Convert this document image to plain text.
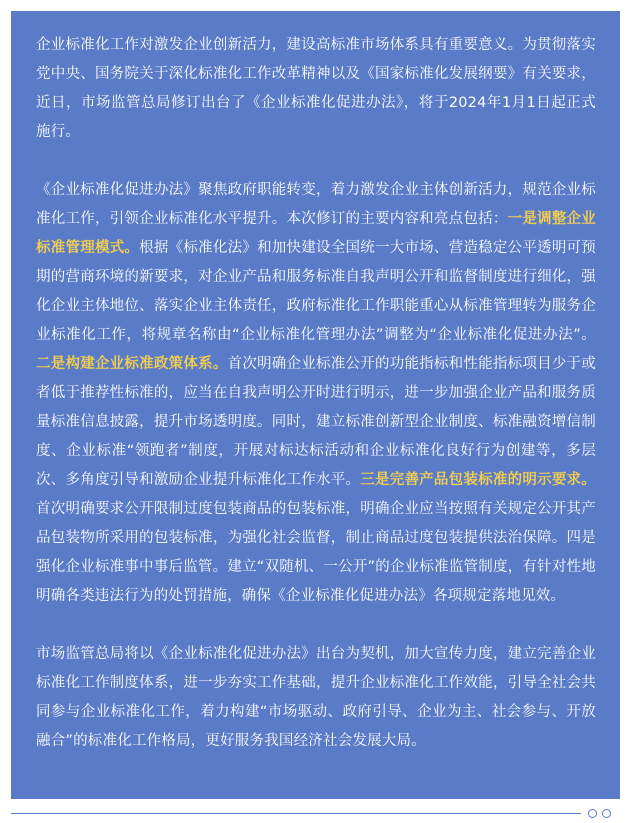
企业标准化工作对激发企业创新活力，建设高标准市场体系具有重要意义。为贯彻落实党中央、国务院关于深化标准化工作改革精神以及《国家标准化发展纲要》有关要求，近日，市场监管总局修订出台了《企业标准化促进办法》，将于2024年1月1日起正式施行。

《企业标准化促进办法》聚焦政府职能转变，着力激发企业主体创新活力，规范企业标准化工作，引领企业标准化水平提升。本次修订的主要内容和亮点包括：一是调整企业标准管理模式。根据《标准化法》和加快建设全国统一大市场、营造稳定公平透明可预期的营商环境的新要求，对企业产品和服务标准自我声明公开和监督制度进行细化，强化企业主体地位、落实企业主体责任，政府标准化工作职能重心从标准管理转为服务企业标准化工作，将规章名称由“企业标准化管理办法”调整为“企业标准化促进办法”。二是构建企业标准政策体系。首次明确企业标准公开的功能指标和性能指标项目少于或者低于推荐性标准的，应当在自我声明公开时进行明示，进一步加强企业产品和服务质量标准信息披露，提升市场透明度。同时，建立标准创新型企业制度、标准融资增信制度、企业标准“领跑者”制度，开展对标达标活动和企业标准化良好行为创建等，多层次、多角度引导和激励企业提升标准化工作水平。三是完善产品包装标准的明示要求。首次明确要求公开限制过度包装商品的包装标准，明确企业应当按照有关规定公开其产品包装物所采用的包装标准，为强化社会监督，制止商品过度包装提供法治保障。四是强化企业标准事中事后监管。建立“双随机、一公开”的企业标准监管制度，有针对性地明确各类违法行为的处罚措施，确保《企业标准化促进办法》各项规定落地见效。

市场监管总局将以《企业标准化促进办法》出台为契机，加大宣传力度，建立完善企业标准化工作制度体系，进一步夯实工作基础，提升企业标准化工作效能，引导全社会共同参与企业标准化工作，着力构建“市场驱动、政府引导、企业为主、社会参与、开放融合”的标准化工作格局，更好服务我国经济社会发展大局。
